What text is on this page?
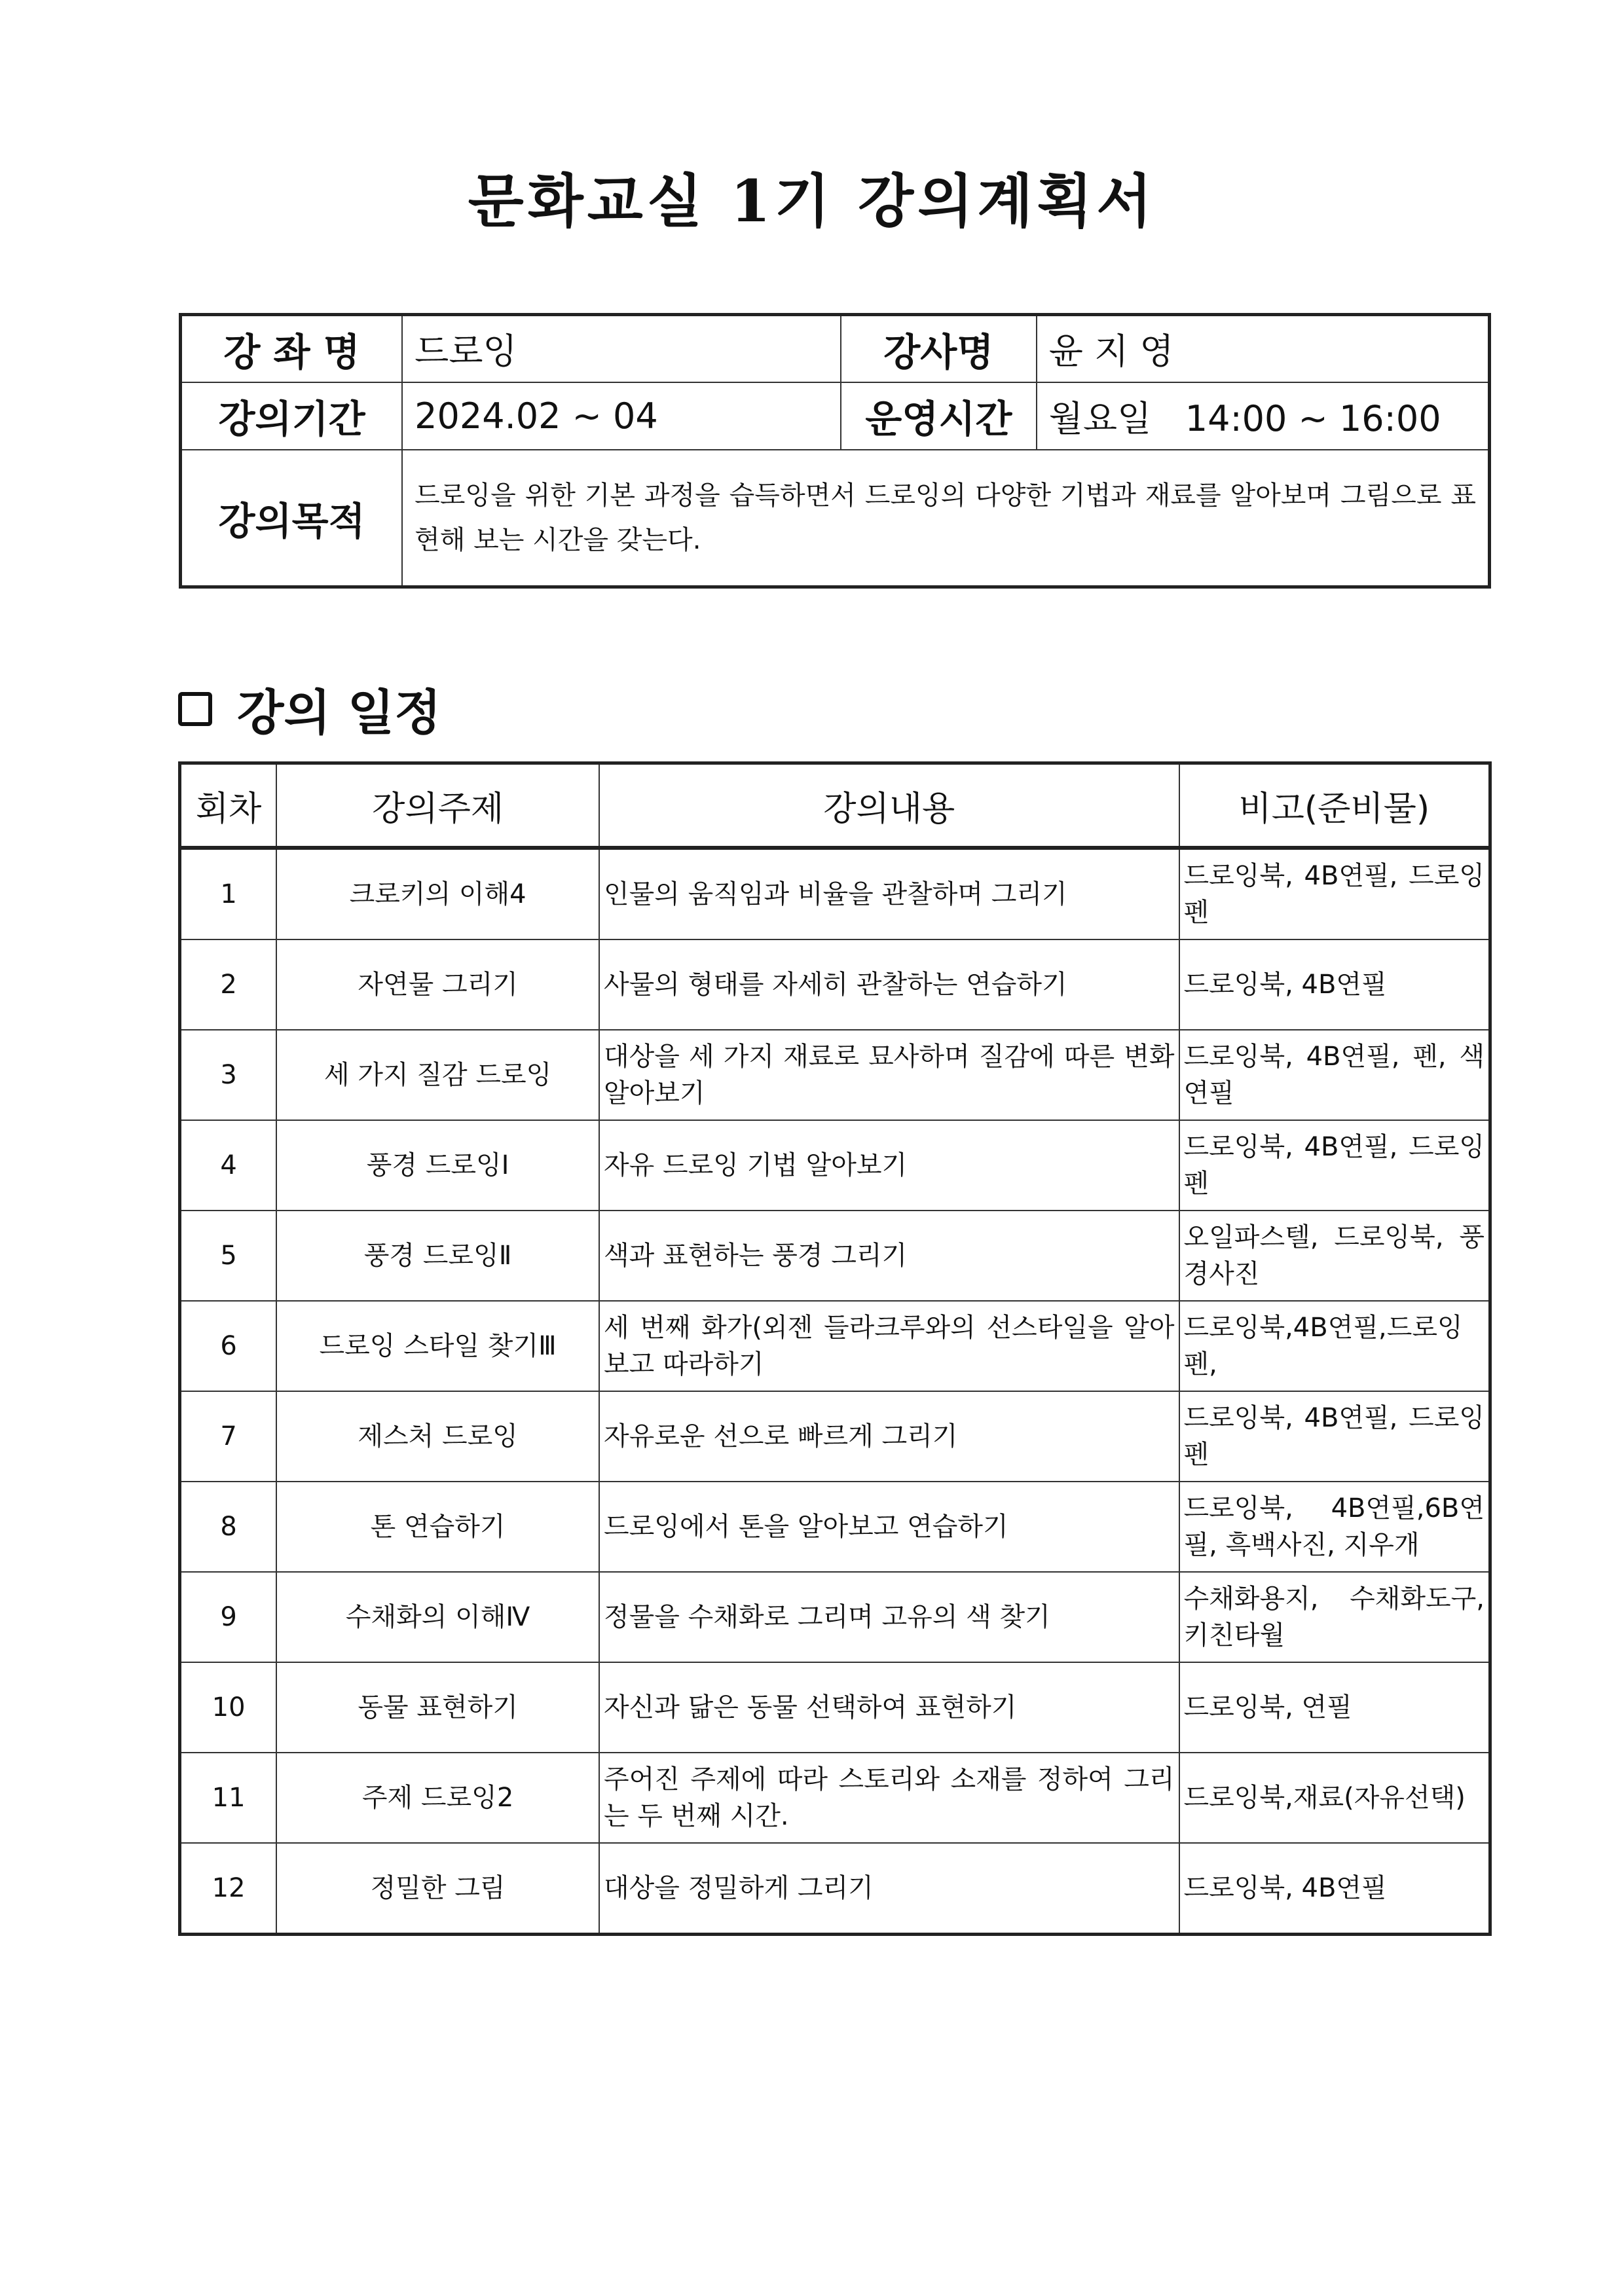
문화교실 1기 강의계획서
강 좌 명	드로잉	강사명	윤 지 영
강의기간	2024.02 ~ 04	운영시간	월요일   14:00 ~ 16:00
강의목적	드로잉을 위한 기본 과정을 습득하면서 드로잉의 다양한 기법과 재료를 알아보며 그림으로 표현해 보는 시간을 갖는다.		
강의 일정
회차	강의주제	강의내용	비고(준비물)
1	크로키의 이해4	인물의 움직임과 비율을 관찰하며 그리기	드로잉북, 4B연필, 드로잉펜
2	자연물 그리기	사물의 형태를 자세히 관찰하는 연습하기	드로잉북, 4B연필
3	세 가지 질감 드로잉	대상을 세 가지 재료로 묘사하며 질감에 따른 변화 알아보기	드로잉북, 4B연필, 펜, 색연필
4	풍경 드로잉Ⅰ	자유 드로잉 기법 알아보기	드로잉북, 4B연필, 드로잉 펜
5	풍경 드로잉Ⅱ	색과 표현하는 풍경 그리기	오일파스텔, 드로잉북, 풍경사진
6	드로잉 스타일 찾기Ⅲ	세 번째 화가(외젠 들라크루와의 선스타일을 알아보고 따라하기	드로잉북,4B연필,드로잉펜,
7	제스처 드로잉	자유로운 선으로 빠르게 그리기	드로잉북, 4B연필, 드로잉펜
8	톤 연습하기	드로잉에서 톤을 알아보고 연습하기	드로잉북, 4B연필,6B연필, 흑백사진, 지우개
9	수채화의 이해Ⅳ	정물을 수채화로 그리며 고유의 색 찾기	수채화용지, 수채화도구, 키친타월
10	동물 표현하기	자신과 닮은 동물 선택하여 표현하기	드로잉북, 연필
11	주제 드로잉2	주어진 주제에 따라 스토리와 소재를 정하여 그리는 두 번째 시간.	드로잉북,재료(자유선택)
12	정밀한 그림	대상을 정밀하게 그리기	드로잉북, 4B연필
